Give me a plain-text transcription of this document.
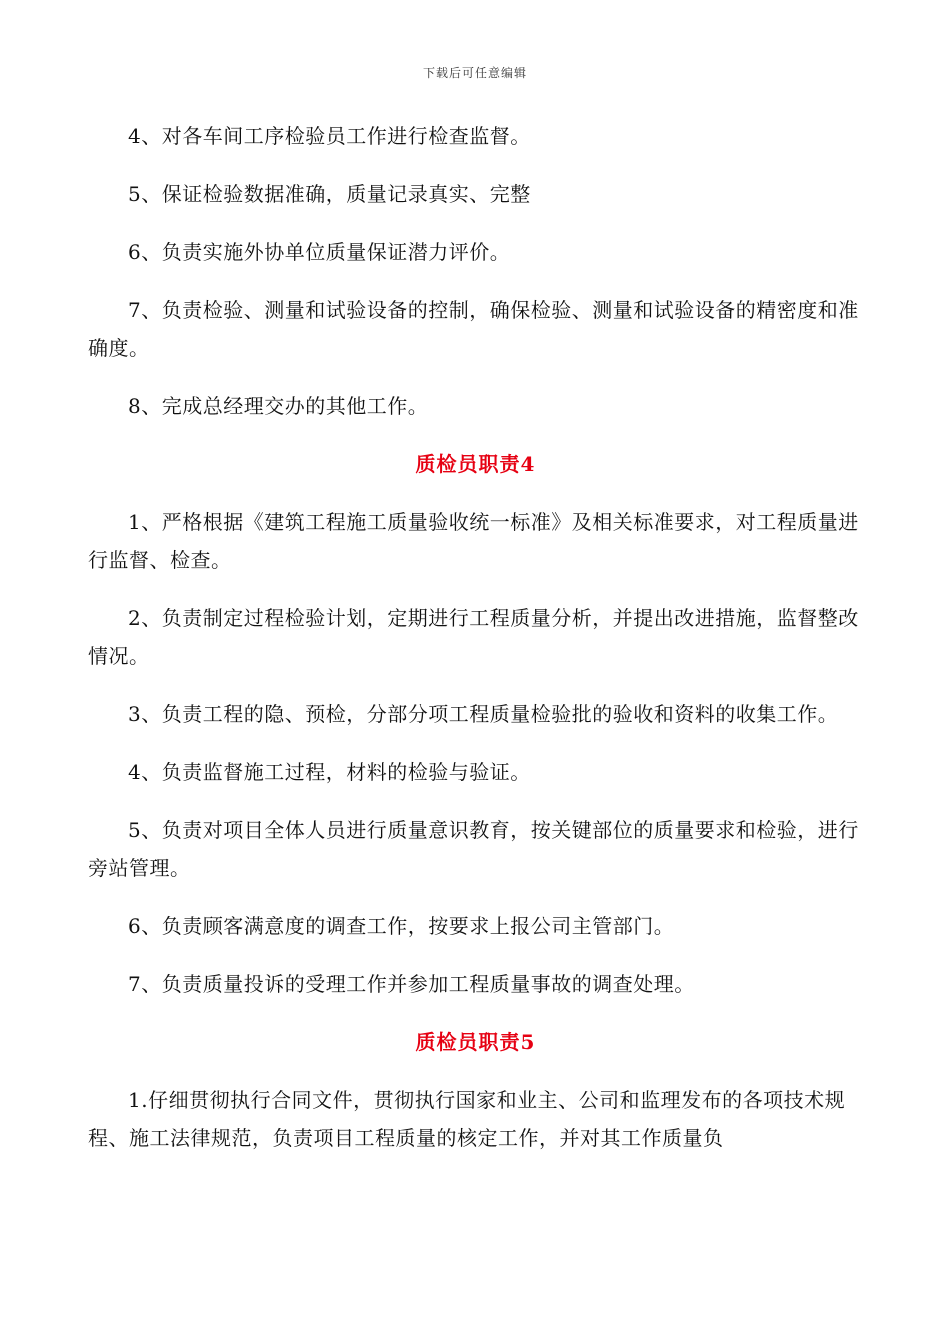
下载后可任意编辑

4、对各车间工序检验员工作进行检查监督。

5、保证检验数据准确，质量记录真实、完整

6、负责实施外协单位质量保证潜力评价。

7、负责检验、测量和试验设备的控制，确保检验、测量和试验设备的精密度和准确度。

8、完成总经理交办的其他工作。

质检员职责4

1、严格根据《建筑工程施工质量验收统一标准》及相关标准要求，对工程质量进行监督、检查。

2、负责制定过程检验计划，定期进行工程质量分析，并提出改进措施，监督整改情况。

3、负责工程的隐、预检，分部分项工程质量检验批的验收和资料的收集工作。

4、负责监督施工过程，材料的检验与验证。

5、负责对项目全体人员进行质量意识教育，按关键部位的质量要求和检验，进行旁站管理。

6、负责顾客满意度的调查工作，按要求上报公司主管部门。

7、负责质量投诉的受理工作并参加工程质量事故的调查处理。

质检员职责5

1.仔细贯彻执行合同文件，贯彻执行国家和业主、公司和监理发布的各项技术规程、施工法律规范，负责项目工程质量的核定工作，并对其工作质量负
